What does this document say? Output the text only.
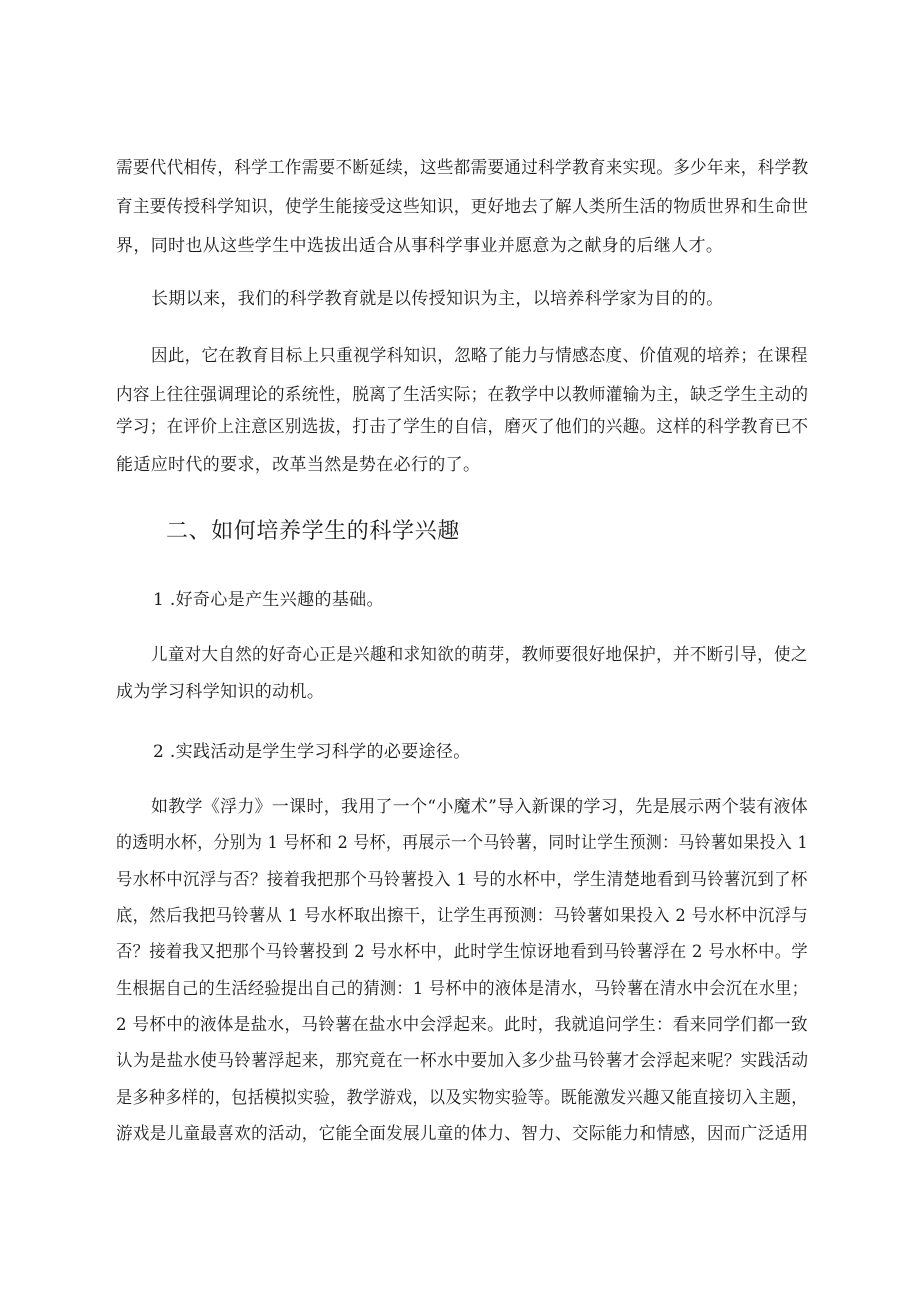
需要代代相传，科学工作需要不断延续，这些都需要通过科学教育来实现。多少年来，科学教
育主要传授科学知识，使学生能接受这些知识，更好地去了解人类所生活的物质世界和生命世
界，同时也从这些学生中选拔出适合从事科学事业并愿意为之献身的后继人才。
长期以来，我们的科学教育就是以传授知识为主，以培养科学家为目的的。
因此，它在教育目标上只重视学科知识，忽略了能力与情感态度、价值观的培养；在课程
内容上往往强调理论的系统性，脱离了生活实际；在教学中以教师灌输为主，缺乏学生主动的
学习；在评价上注意区别选拔，打击了学生的自信，磨灭了他们的兴趣。这样的科学教育已不
能适应时代的要求，改革当然是势在必行的了。
二、如何培养学生的科学兴趣
1 .好奇心是产生兴趣的基础。
儿童对大自然的好奇心正是兴趣和求知欲的萌芽，教师要很好地保护，并不断引导，使之
成为学习科学知识的动机。
2 .实践活动是学生学习科学的必要途径。
如教学《浮力》一课时，我用了一个“小魔术”导入新课的学习，先是展示两个装有液体
的透明水杯，分别为 1 号杯和 2 号杯，再展示一个马铃薯，同时让学生预测：马铃薯如果投入 1
号水杯中沉浮与否？接着我把那个马铃薯投入 1 号的水杯中，学生清楚地看到马铃薯沉到了杯
底，然后我把马铃薯从 1 号水杯取出擦干，让学生再预测：马铃薯如果投入 2 号水杯中沉浮与
否？接着我又把那个马铃薯投到 2 号水杯中，此时学生惊讶地看到马铃薯浮在 2 号水杯中。学
生根据自己的生活经验提出自己的猜测：1 号杯中的液体是清水，马铃薯在清水中会沉在水里；
2 号杯中的液体是盐水，马铃薯在盐水中会浮起来。此时，我就追问学生：看来同学们都一致
认为是盐水使马铃薯浮起来，那究竟在一杯水中要加入多少盐马铃薯才会浮起来呢？实践活动
是多种多样的，包括模拟实验，教学游戏，以及实物实验等。既能激发兴趣又能直接切入主题，
游戏是儿童最喜欢的活动，它能全面发展儿童的体力、智力、交际能力和情感，因而广泛适用
